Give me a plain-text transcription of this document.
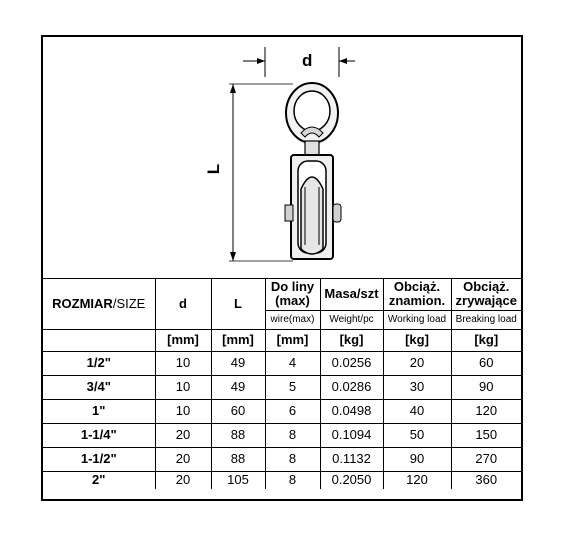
d
L
ROZMIAR/SIZE	d	L	Do liny (max)	Masa/szt	Obciąż. znamion.	Obciąż. zrywające
			wire(max)	Weight/pc	Working load	Breaking load
	[mm]	[mm]	[mm]	[kg]	[kg]	[kg]
1/2"	10	49	4	0.0256	20	60
3/4"	10	49	5	0.0286	30	90
1"	10	60	6	0.0498	40	120
1-1/4"	20	88	8	0.1094	50	150
1-1/2"	20	88	8	0.1132	90	270
2"	20	105	8	0.2050	120	360
